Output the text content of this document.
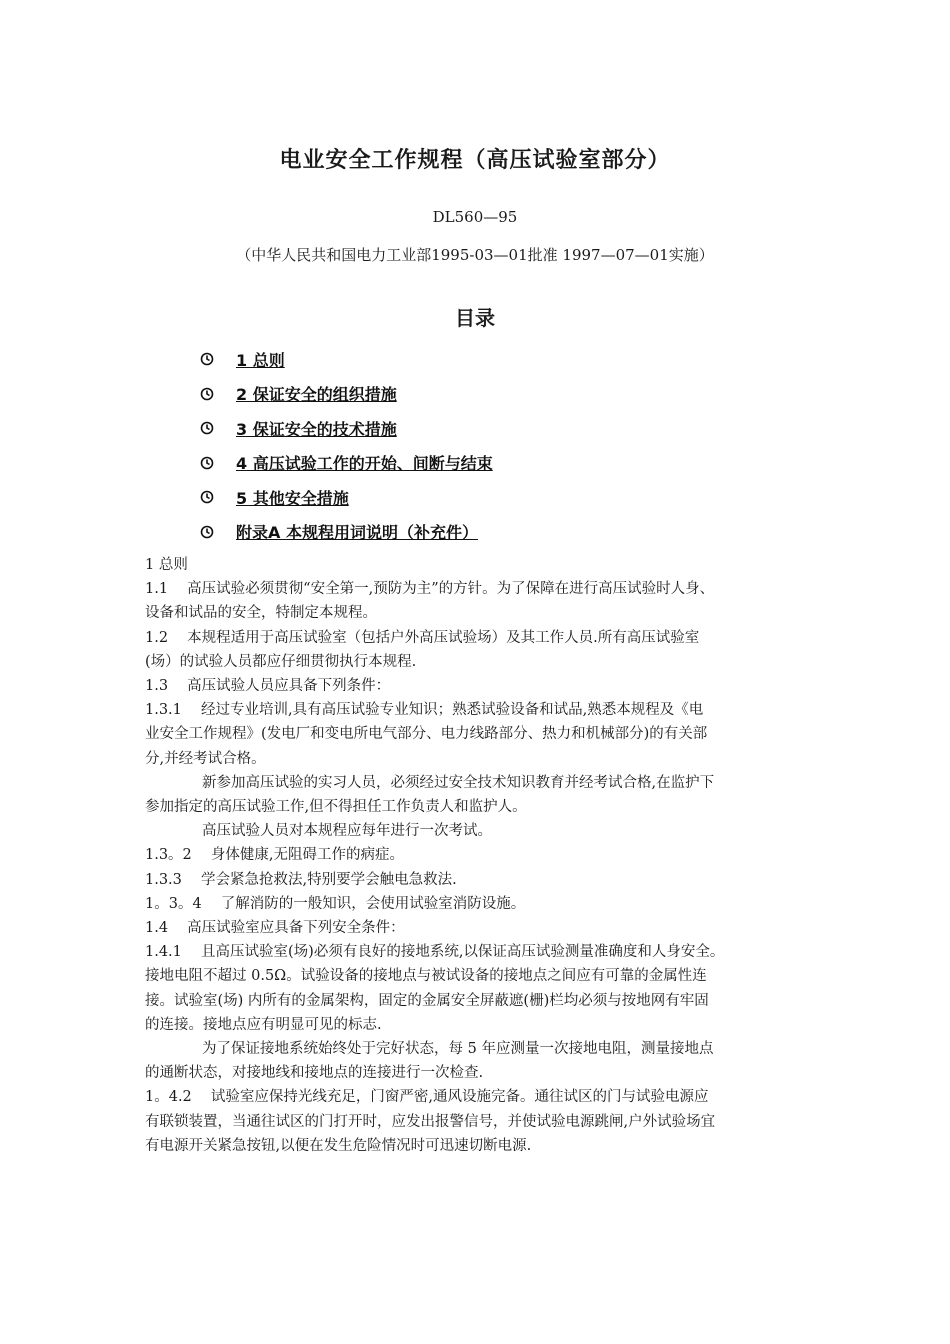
电业安全工作规程（高压试验室部分）
DL560—95
（中华人民共和国电力工业部1995-03—01批准 1997—07—01实施）
目录
1 总则
2 保证安全的组织措施
3 保证安全的技术措施
4 高压试验工作的开始、间断与结束
5 其他安全措施
附录A 本规程用词说明（补充件）
1 总则
1.1　 高压试验必须贯彻“安全第一,预防为主”的方针。为了保障在进行高压试验时人身、
设备和试品的安全，特制定本规程。
1.2　 本规程适用于高压试验室（包括户外高压试验场）及其工作人员.所有高压试验室
(场）的试验人员都应仔细贯彻执行本规程.
1.3　 高压试验人员应具备下列条件：
1.3.1　 经过专业培训,具有高压试验专业知识；熟悉试验设备和试品,熟悉本规程及《电
业安全工作规程》(发电厂和变电所电气部分、电力线路部分、热力和机械部分)的有关部
分,并经考试合格。
新参加高压试验的实习人员，必须经过安全技术知识教育并经考试合格,在监护下
参加指定的高压试验工作,但不得担任工作负责人和监护人。
高压试验人员对本规程应每年进行一次考试。
1.3。2　 身体健康,无阻碍工作的病症。
1.3.3　 学会紧急抢救法,特别要学会触电急救法.
1。3。4　 了解消防的一般知识，会使用试验室消防设施。
1.4　 高压试验室应具备下列安全条件：
1.4.1　 且高压试验室(场)必须有良好的接地系统,以保证高压试验测量准确度和人身安全。
接地电阻不超过 0.5Ω。试验设备的接地点与被试设备的接地点之间应有可靠的金属性连
接。试验室(场) 内所有的金属架构，固定的金属安全屏蔽遮(栅)栏均必须与按地网有牢固
的连接。接地点应有明显可见的标志.
为了保证接地系统始终处于完好状态，每 5 年应测量一次接地电阻，测量接地点
的通断状态，对接地线和接地点的连接进行一次检查.
1。4.2　 试验室应保持光线充足，门窗严密,通风设施完备。通往试区的门与试验电源应
有联锁装置，当通往试区的门打开时，应发出报警信号，并使试验电源跳闸,户外试验场宜
有电源开关紧急按钮,以便在发生危险情况时可迅速切断电源.
